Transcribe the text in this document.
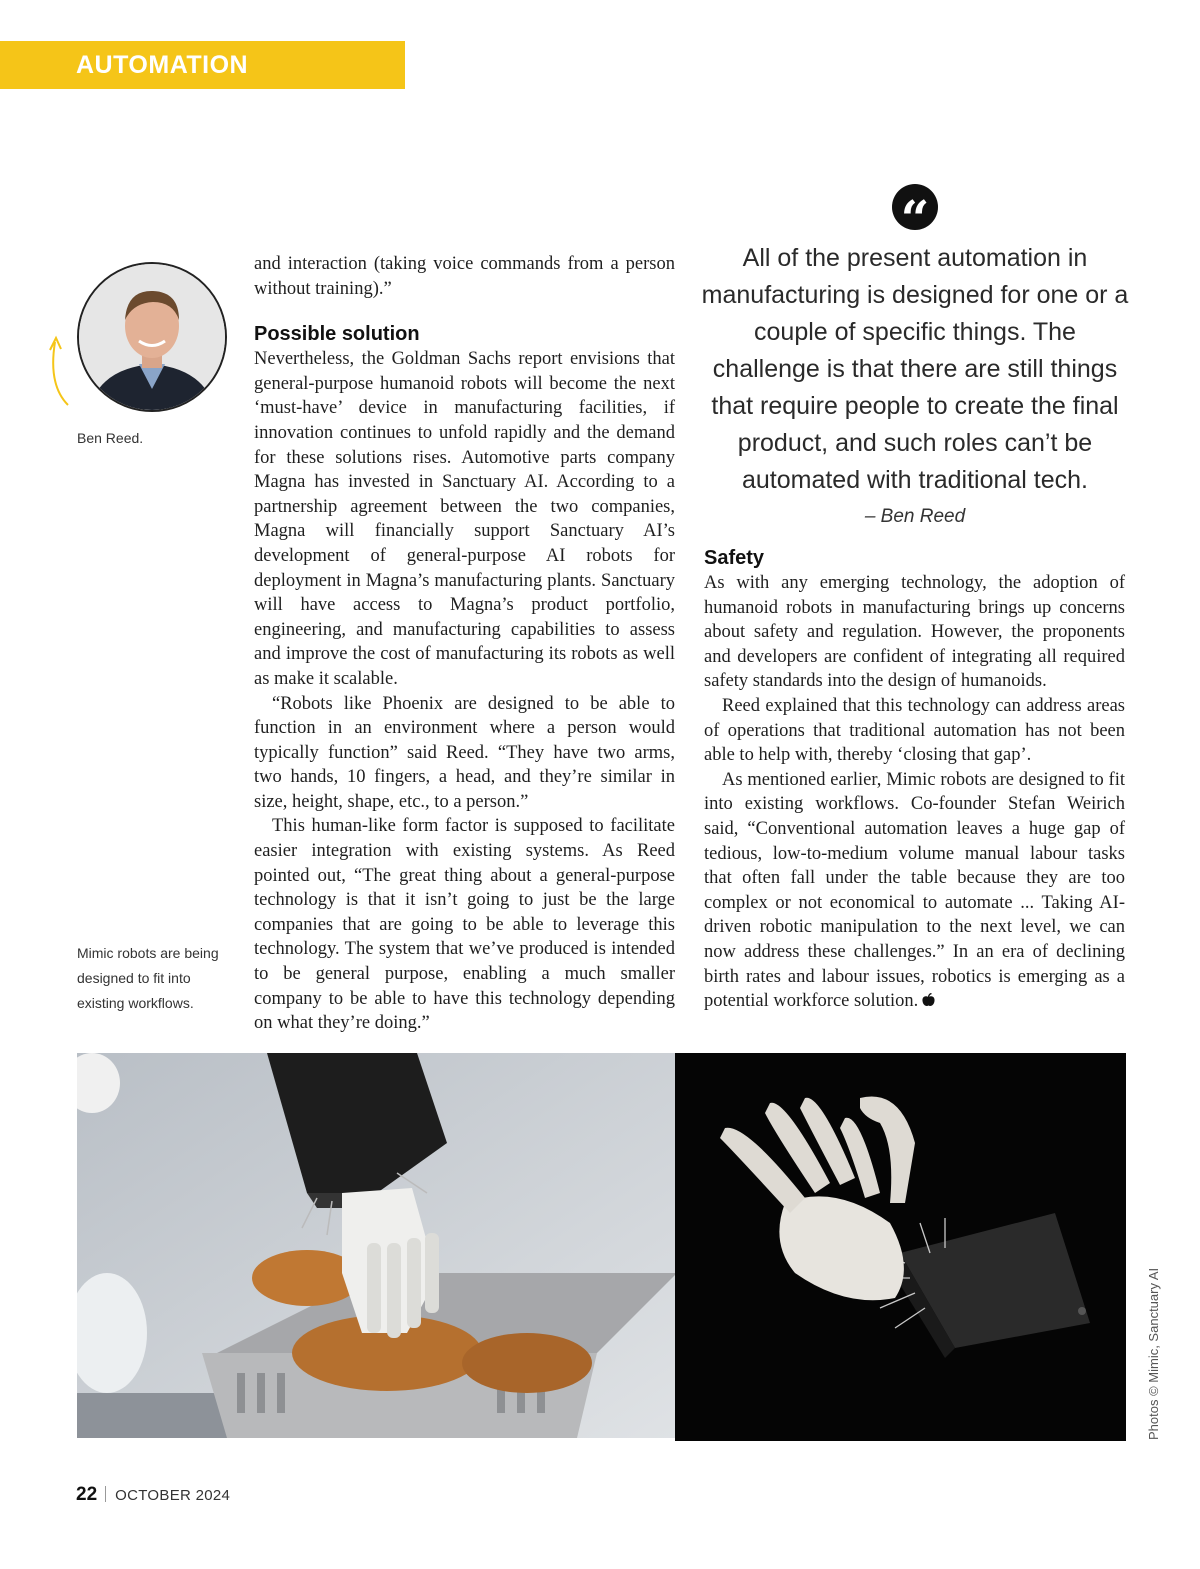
AUTOMATION
Ben Reed.
Mimic robots are being designed to fit into existing workflows.

and interaction (taking voice commands from a person without training).”

Possible solution

Nevertheless, the Goldman Sachs report envisions that general-purpose humanoid robots will become the next ‘must-have’ device in manufacturing facilities, if innovation continues to unfold rapidly and the demand for these solutions rises. Automotive parts company Magna has invested in Sanctuary AI. According to a partnership agreement between the two companies, Magna will financially support Sanctuary AI’s development of general-purpose AI robots for deployment in Magna’s manufacturing plants. Sanctuary will have access to Magna’s product portfolio, engineering, and manufacturing capabilities to assess and improve the cost of manufacturing its robots as well as make it scalable.

“Robots like Phoenix are designed to be able to function in an environment where a person would typically function” said Reed. “They have two arms, two hands, 10 fingers, a head, and they’re similar in size, height, shape, etc., to a person.”

This human-like form factor is supposed to facilitate easier integration with existing systems. As Reed pointed out, “The great thing about a general-purpose technology is that it isn’t going to just be the large companies that are going to be able to leverage this technology. The system that we’ve produced is intended to be general purpose, enabling a much smaller company to be able to have this technology depending on what they’re doing.”

“

All of the present automation in manufacturing is designed for one or a couple of specific things. The challenge is that there are still things that require people to create the final product, and such roles can’t be automated with traditional tech.

– Ben Reed
Safety

As with any emerging technology, the adoption of humanoid robots in manufacturing brings up concerns about safety and regulation. However, the proponents and developers are confident of integrating all required safety standards into the design of humanoids.

Reed explained that this technology can address areas of operations that traditional automation has not been able to help with, thereby ‘closing that gap’.

As mentioned earlier, Mimic robots are designed to fit into existing workflows. Co-founder Stefan Weirich said, “Conventional automation leaves a huge gap of tedious, low-to-medium volume manual labour tasks that often fall under the table because they are too complex or not economical to automate ... Taking AI-driven robotic manipulation to the next level, we can now address these challenges.” In an era of declining birth rates and labour issues, robotics is emerging as a potential workforce solution.

Photos © Mimic, Sanctuary AI
22 OCTOBER 2024
